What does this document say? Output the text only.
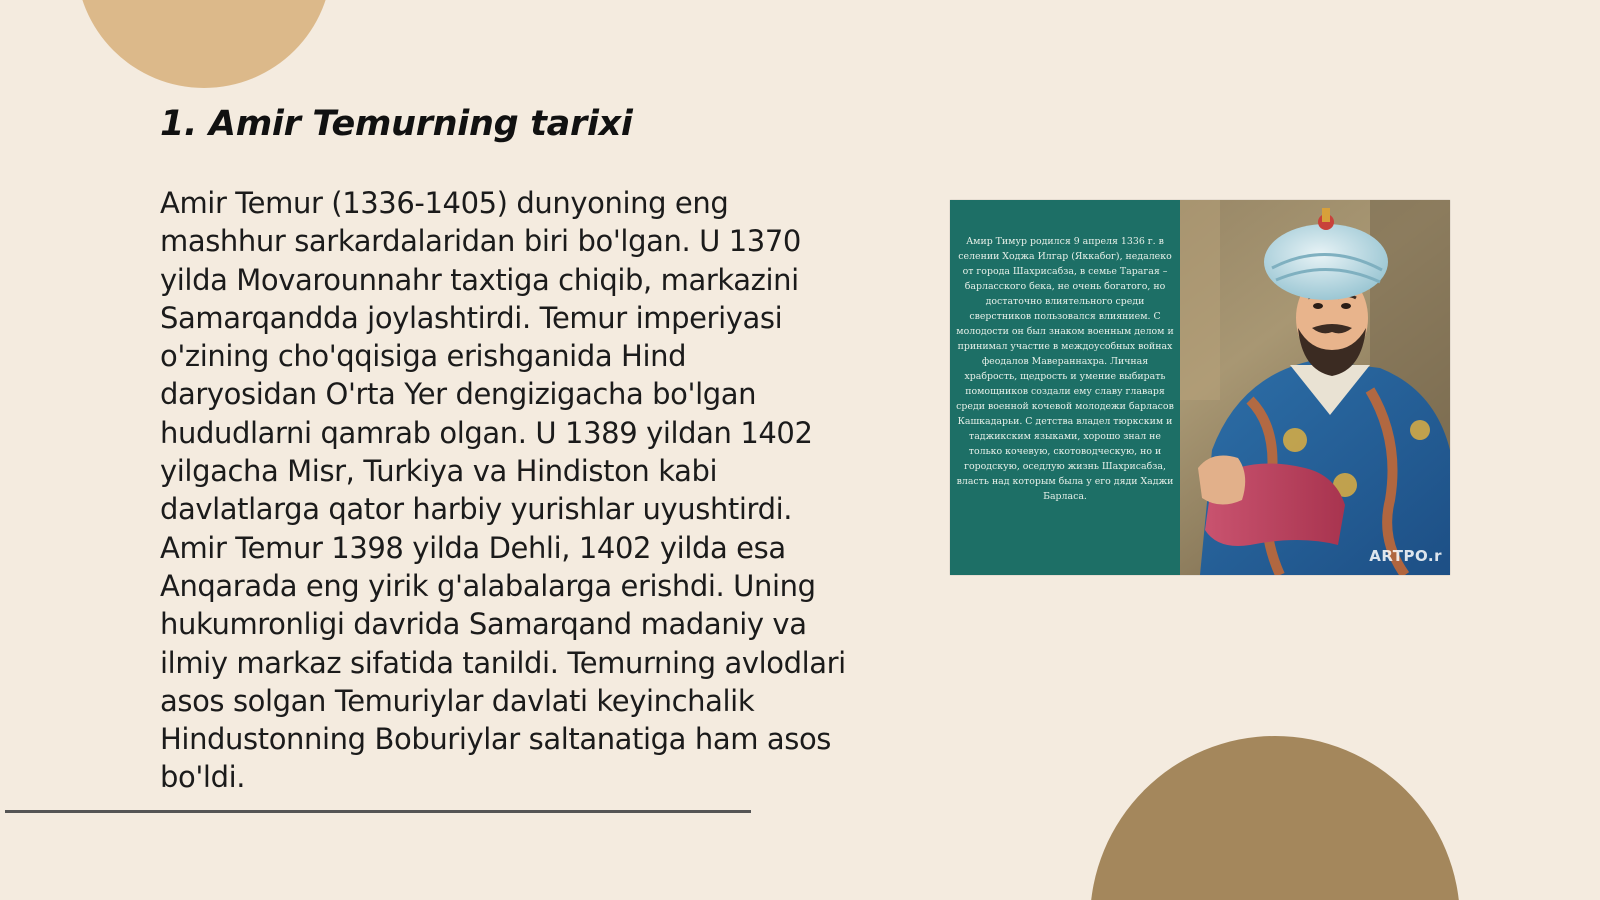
1. Amir Temurning tarixi

Amir Temur (1336-1405) dunyoning eng mashhur sarkardalaridan biri bo'lgan. U 1370 yilda Movarounnahr taxtiga chiqib, markazini Samarqandda joylashtirdi. Temur imperiyasi o'zining cho'qqisiga erishganida Hind daryosidan O'rta Yer dengizigacha bo'lgan hududlarni qamrab olgan. U 1389 yildan 1402 yilgacha Misr, Turkiya va Hindiston kabi davlatlarga qator harbiy yurishlar uyushtirdi. Amir Temur 1398 yilda Dehli, 1402 yilda esa Anqarada eng yirik g'alabalarga erishdi. Uning hukumronligi davrida Samarqand madaniy va ilmiy markaz sifatida tanildi. Temurning avlodlari asos solgan Temuriylar davlati keyinchalik Hindustonning Boburiylar saltanatiga ham asos bo'ldi.

Амир Тимур родился 9 апреля 1336 г. в селении Ходжа Илгар (Яккабог), недалеко от города Шахрисабза, в семье Тарагая – барласского бека, не очень богатого, но достаточно влиятельного среди сверстников пользовался влиянием. С молодости он был знаком военным делом и принимал участие в междоусобных войнах феодалов Мавераннахра. Личная храбрость, щедрость и умение выбирать помощников создали ему славу главаря среди военной кочевой молодежи барласов Кашкадарьи. С детства владел тюркским и таджикским языками, хорошо знал не только кочевую, скотоводческую, но и городскую, оседлую жизнь Шахрисабза, власть над которым была у его дяди Хаджи Барласа.

ARTPO.r
